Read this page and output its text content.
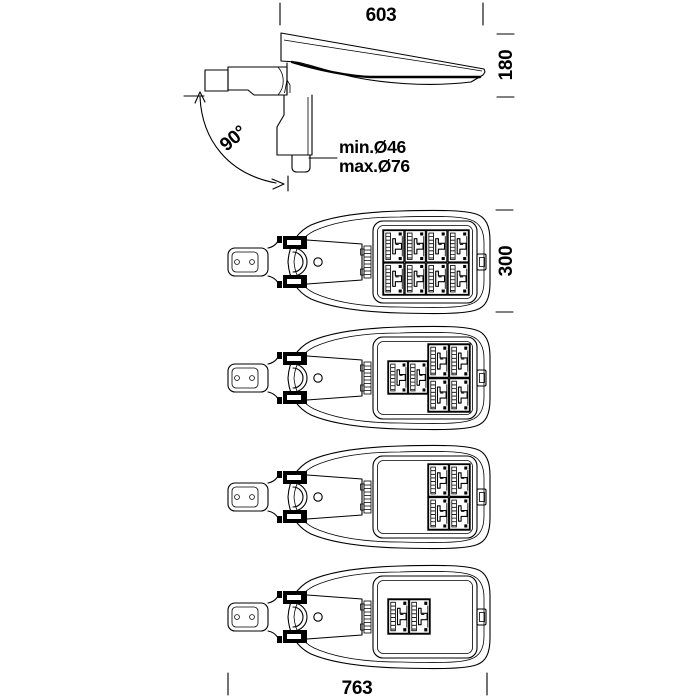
603
180
90°	min.Ø46
max.Ø76
300
763
